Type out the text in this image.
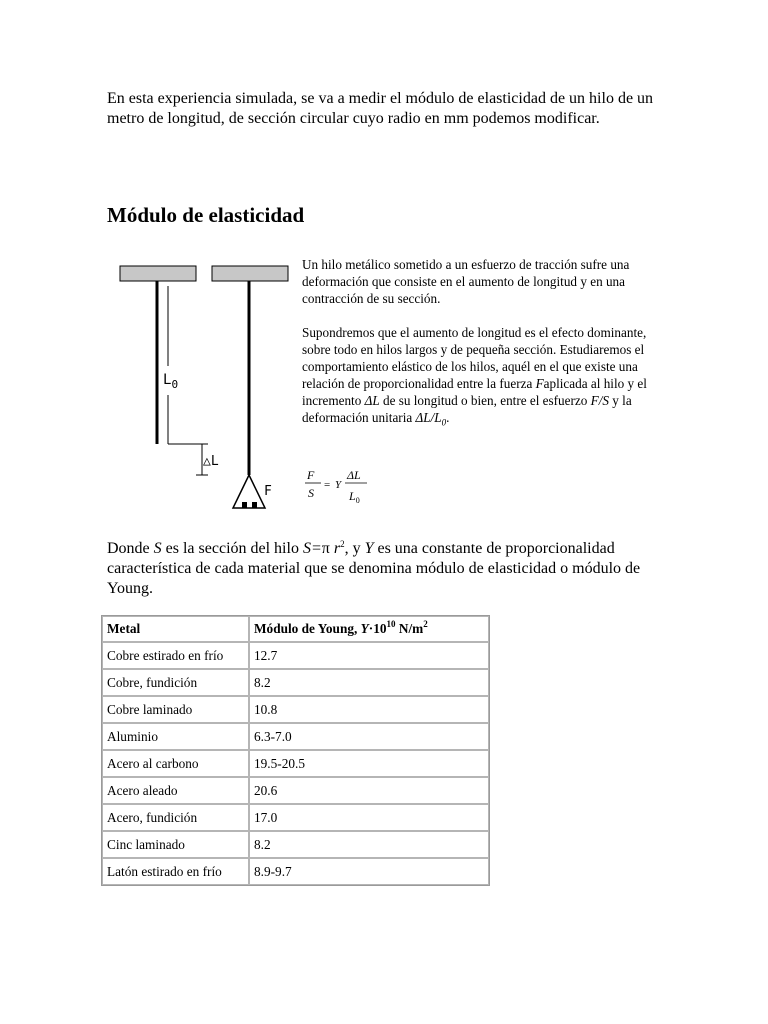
En esta experiencia simulada, se va a medir el módulo de elasticidad de un hilo de un metro de longitud, de sección circular cuyo radio en mm podemos modificar.

Módulo de elasticidad
$L_0$
△L
F

Un hilo metálico sometido a un esfuerzo de tracción sufre una deformación que consiste en el aumento de longitud y en una contracción de su sección.

Supondremos que el aumento de longitud es el efecto dominante, sobre todo en hilos largos y de pequeña sección. Estudiaremos el comportamiento elástico de los hilos, aquél en el que existe una relación de proporcionalidad entre la fuerza Faplicada al hilo y el incremento ΔL de su longitud o bien, entre el esfuerzo F/S y la deformación unitaria $\Delta L/L_0$.

F
S
= Y
ΔL
$L_0$

Donde S es la sección del hilo S=π $r^2$, y Y es una constante de proporcionalidad característica de cada material que se denomina módulo de elasticidad o módulo de Young.

Metal	Módulo de Young, $Y\cdot 10^{10}$ $N/m^2$
Cobre estirado en frío	12.7
Cobre, fundición	8.2
Cobre laminado	10.8
Aluminio	6.3-7.0
Acero al carbono	19.5-20.5
Acero aleado	20.6
Acero, fundición	17.0
Cinc laminado	8.2
Latón estirado en frío	8.9-9.7
